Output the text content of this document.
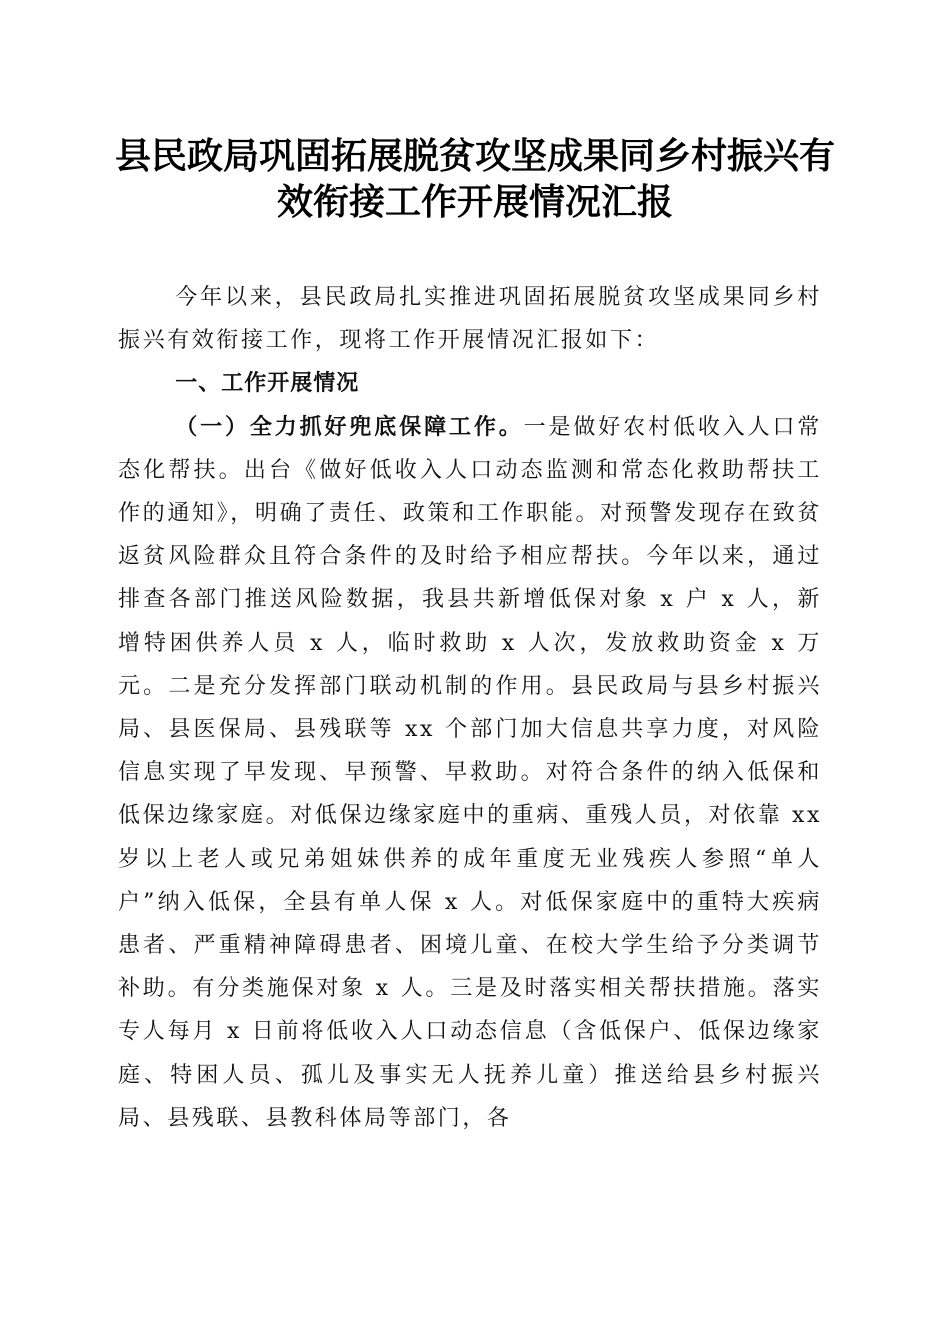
县民政局巩固拓展脱贫攻坚成果同乡村振兴有
效衔接工作开展情况汇报

今年以来，县民政局扎实推进巩固拓展脱贫攻坚成果同乡村振兴有效衔接工作，现将工作开展情况汇报如下：

一、工作开展情况

（一）全力抓好兜底保障工作。一是做好农村低收入人口常态化帮扶。出台《做好低收入人口动态监测和常态化救助帮扶工作的通知》，明确了责任、政策和工作职能。对预警发现存在致贫返贫风险群众且符合条件的及时给予相应帮扶。今年以来，通过排查各部门推送风险数据，我县共新增低保对象 x 户 x 人，新增特困供养人员 x 人，临时救助 x 人次，发放救助资金 x 万元。二是充分发挥部门联动机制的作用。县民政局与县乡村振兴局、县医保局、县残联等 xx 个部门加大信息共享力度，对风险信息实现了早发现、早预警、早救助。对符合条件的纳入低保和低保边缘家庭。对低保边缘家庭中的重病、重残人员，对依靠 xx 岁以上老人或兄弟姐妹供养的成年重度无业残疾人参照“单人户”纳入低保，全县有单人保 x 人。对低保家庭中的重特大疾病患者、严重精神障碍患者、困境儿童、在校大学生给予分类调节补助。有分类施保对象 x 人。三是及时落实相关帮扶措施。落实专人每月 x 日前将低收入人口动态信息（含低保户、低保边缘家庭、特困人员、孤儿及事实无人抚养儿童）推送给县乡村振兴局、县残联、县教科体局等部门，各
